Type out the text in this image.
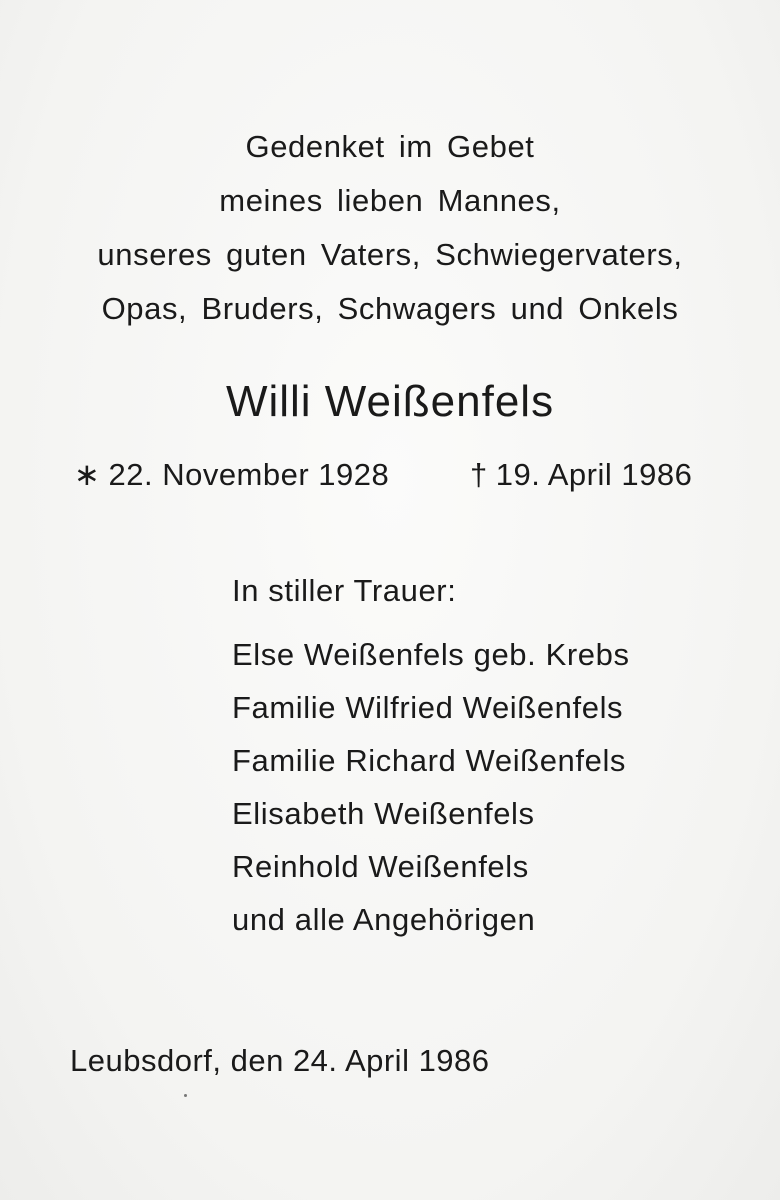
Gedenket im Gebet
meines lieben Mannes,
unseres guten Vaters, Schwiegervaters,
Opas, Bruders, Schwagers und Onkels
Willi Weißenfels
∗ 22. November 1928	† 19. April 1986
In stiller Trauer:
Else Weißenfels geb. Krebs
Familie Wilfried Weißenfels
Familie Richard Weißenfels
Elisabeth Weißenfels
Reinhold Weißenfels
und alle Angehörigen
Leubsdorf, den 24. April 1986
